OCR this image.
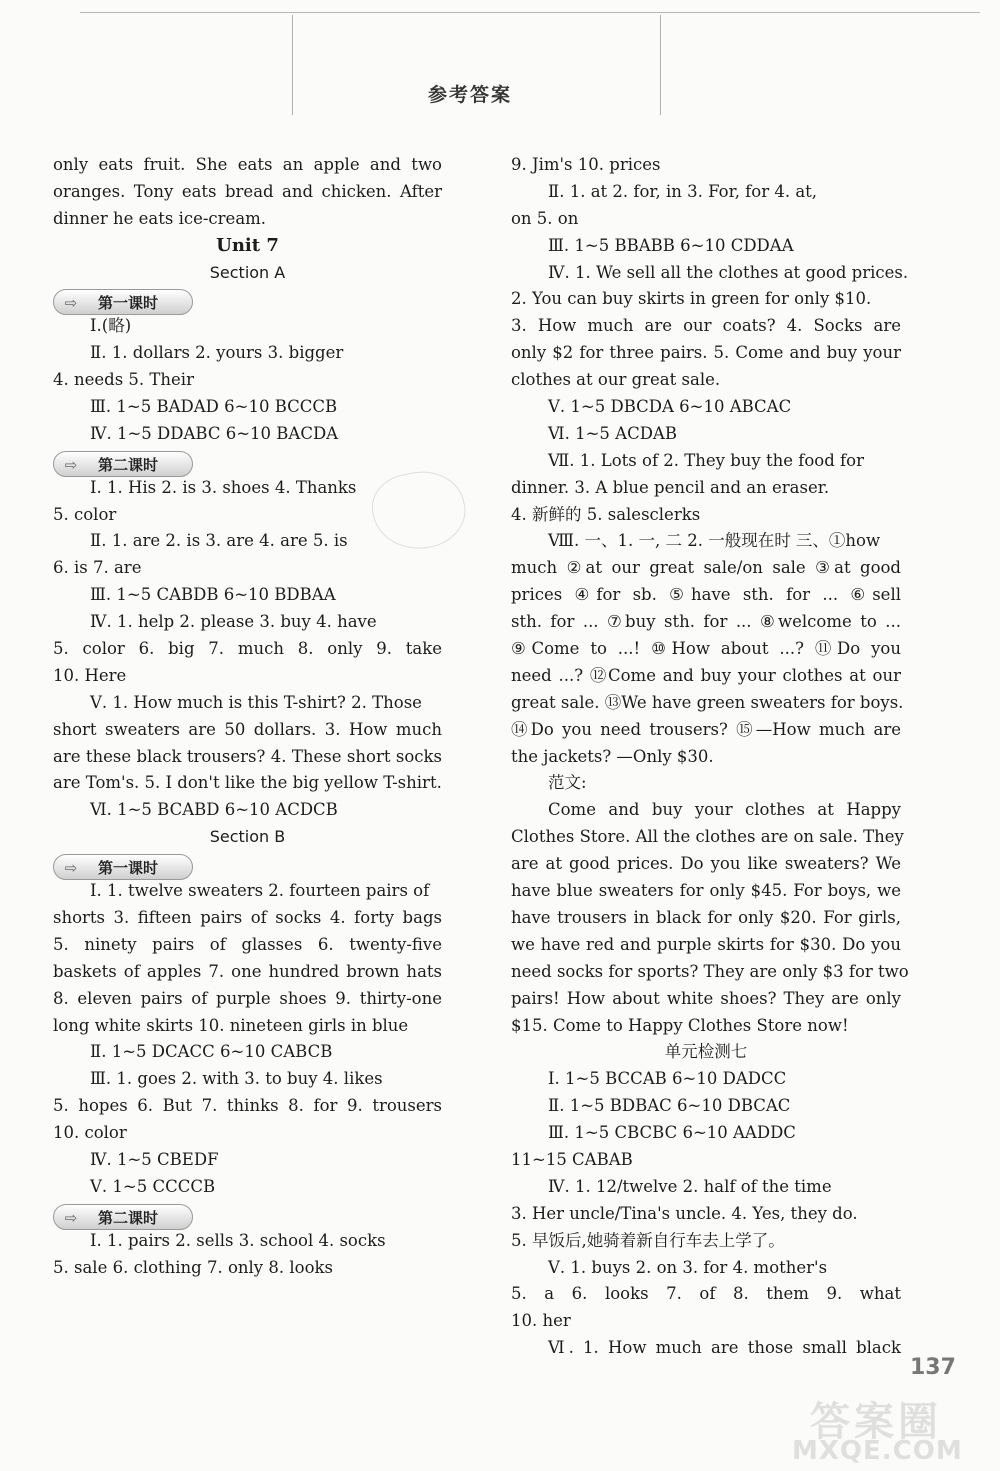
参考答案
only eats fruit. She eats an apple and two
oranges. Tony eats bread and chicken. After
dinner he eats ice-cream.
Unit 7
Section A
⇨ 第一课时
Ⅰ.(略)
Ⅱ. 1. dollars 2. yours 3. bigger
4. needs 5. Their
Ⅲ. 1~5 BADAD 6~10 BCCCB
Ⅳ. 1~5 DDABC 6~10 BACDA
⇨ 第二课时
Ⅰ. 1. His 2. is 3. shoes 4. Thanks
5. color
Ⅱ. 1. are 2. is 3. are 4. are 5. is
6. is 7. are
Ⅲ. 1~5 CABDB 6~10 BDBAA
Ⅳ. 1. help 2. please 3. buy 4. have
5. color 6. big 7. much 8. only 9. take
10. Here
Ⅴ. 1. How much is this T-shirt? 2. Those
short sweaters are 50 dollars. 3. How much
are these black trousers? 4. These short socks
are Tom's. 5. I don't like the big yellow T-shirt.
Ⅵ. 1~5 BCABD 6~10 ACDCB
Section B
⇨ 第一课时
Ⅰ. 1. twelve sweaters 2. fourteen pairs of
shorts 3. fifteen pairs of socks 4. forty bags
5. ninety pairs of glasses 6. twenty-five
baskets of apples 7. one hundred brown hats
8. eleven pairs of purple shoes 9. thirty-one
long white skirts 10. nineteen girls in blue
Ⅱ. 1~5 DCACC 6~10 CABCB
Ⅲ. 1. goes 2. with 3. to buy 4. likes
5. hopes 6. But 7. thinks 8. for 9. trousers
10. color
Ⅳ. 1~5 CBEDF
Ⅴ. 1~5 CCCCB
⇨ 第二课时
Ⅰ. 1. pairs 2. sells 3. school 4. socks
5. sale 6. clothing 7. only 8. looks
9. Jim's 10. prices
Ⅱ. 1. at 2. for, in 3. For, for 4. at,
on 5. on
Ⅲ. 1~5 BBABB 6~10 CDDAA
Ⅳ. 1. We sell all the clothes at good prices.
2. You can buy skirts in green for only $10.
3. How much are our coats? 4. Socks are
only $2 for three pairs. 5. Come and buy your
clothes at our great sale.
Ⅴ. 1~5 DBCDA 6~10 ABCAC
Ⅵ. 1~5 ACDAB
Ⅶ. 1. Lots of 2. They buy the food for
dinner. 3. A blue pencil and an eraser.
4. 新鲜的 5. salesclerks
Ⅷ. 一、1. 一, 二 2. 一般现在时 三、①how
much ②at our great sale/on sale ③at good
prices ④for sb. ⑤have sth. for ... ⑥sell
sth. for ... ⑦buy sth. for ... ⑧welcome to ...
⑨Come to ...! ⑩How about ...? ⑪Do you
need ...? ⑫Come and buy your clothes at our
great sale. ⑬We have green sweaters for boys.
⑭Do you need trousers? ⑮—How much are
the jackets? —Only $30.
范文:
Come and buy your clothes at Happy
Clothes Store. All the clothes are on sale. They
are at good prices. Do you like sweaters? We
have blue sweaters for only $45. For boys, we
have trousers in black for only $20. For girls,
we have red and purple skirts for $30. Do you
need socks for sports? They are only $3 for two
pairs! How about white shoes? They are only
$15. Come to Happy Clothes Store now!
单元检测七
Ⅰ. 1~5 BCCAB 6~10 DADCC
Ⅱ. 1~5 BDBAC 6~10 DBCAC
Ⅲ. 1~5 CBCBC 6~10 AADDC
11~15 CABAB
Ⅳ. 1. 12/twelve 2. half of the time
3. Her uncle/Tina's uncle. 4. Yes, they do.
5. 早饭后,她骑着新自行车去上学了。
Ⅴ. 1. buys 2. on 3. for 4. mother's
5. a 6. looks 7. of 8. them 9. what
10. her
Ⅵ. 1. How much are those small black
答案圈
MXQE.COM
137
